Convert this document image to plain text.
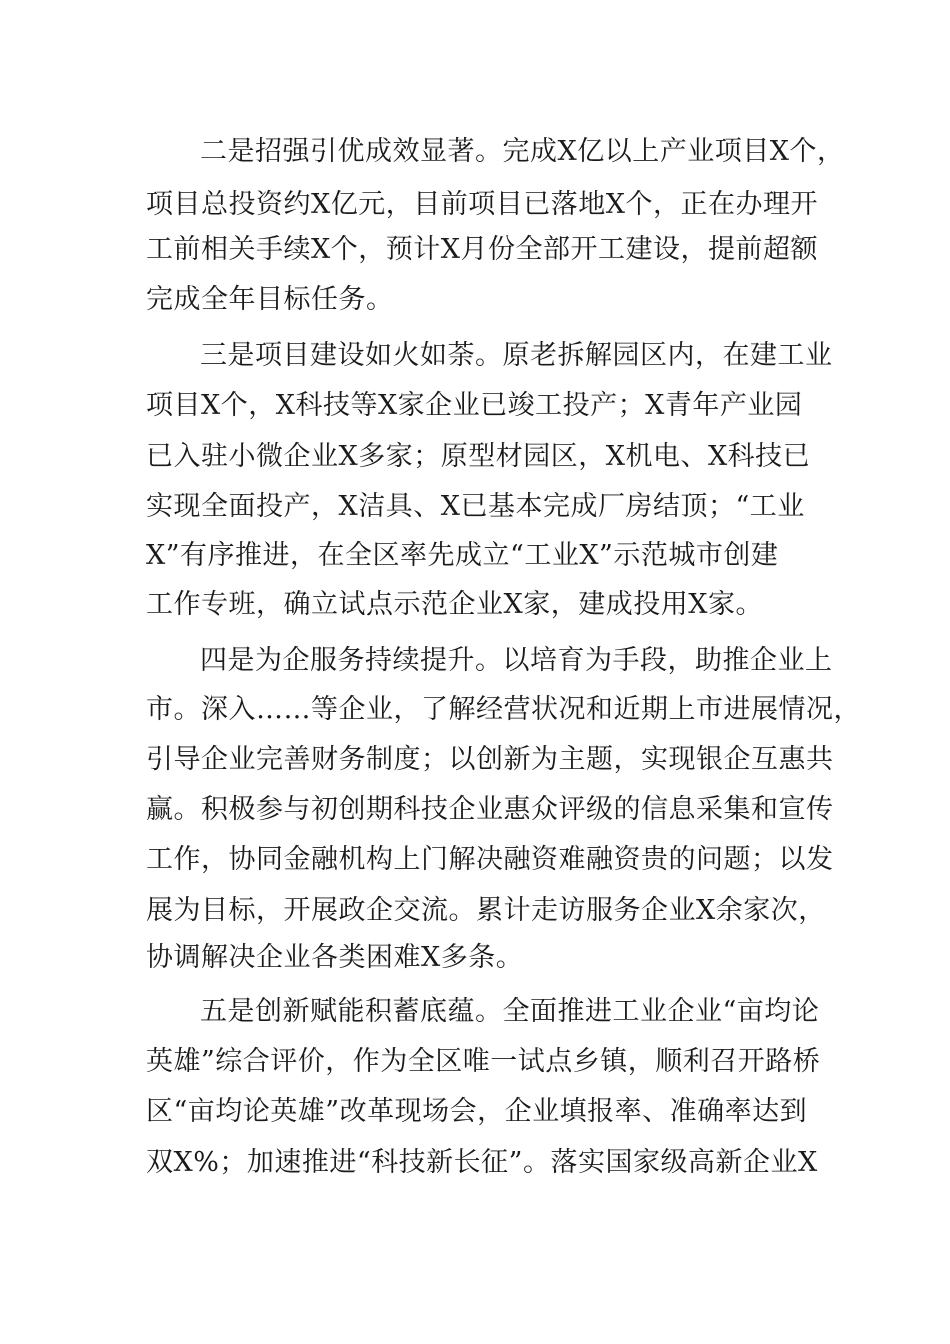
二是招强引优成效显著。完成X亿以上产业项目X个，
项目总投资约X亿元，目前项目已落地X个，正在办理开
工前相关手续X个，预计X月份全部开工建设，提前超额
完成全年目标任务。
三是项目建设如火如荼。原老拆解园区内，在建工业
项目X个，X科技等X家企业已竣工投产；X青年产业园
已入驻小微企业X多家；原型材园区，X机电、X科技已
实现全面投产，X洁具、X已基本完成厂房结顶；“工业
X”有序推进，在全区率先成立“工业X”示范城市创建
工作专班，确立试点示范企业X家，建成投用X家。
四是为企服务持续提升。以培育为手段，助推企业上
市。深入……等企业，了解经营状况和近期上市进展情况，
引导企业完善财务制度；以创新为主题，实现银企互惠共
赢。积极参与初创期科技企业惠众评级的信息采集和宣传
工作，协同金融机构上门解决融资难融资贵的问题；以发
展为目标，开展政企交流。累计走访服务企业X余家次，
协调解决企业各类困难X多条。
五是创新赋能积蓄底蕴。全面推进工业企业“亩均论
英雄”综合评价，作为全区唯一试点乡镇，顺利召开路桥
区“亩均论英雄”改革现场会，企业填报率、准确率达到
双X%；加速推进“科技新长征”。落实国家级高新企业X
